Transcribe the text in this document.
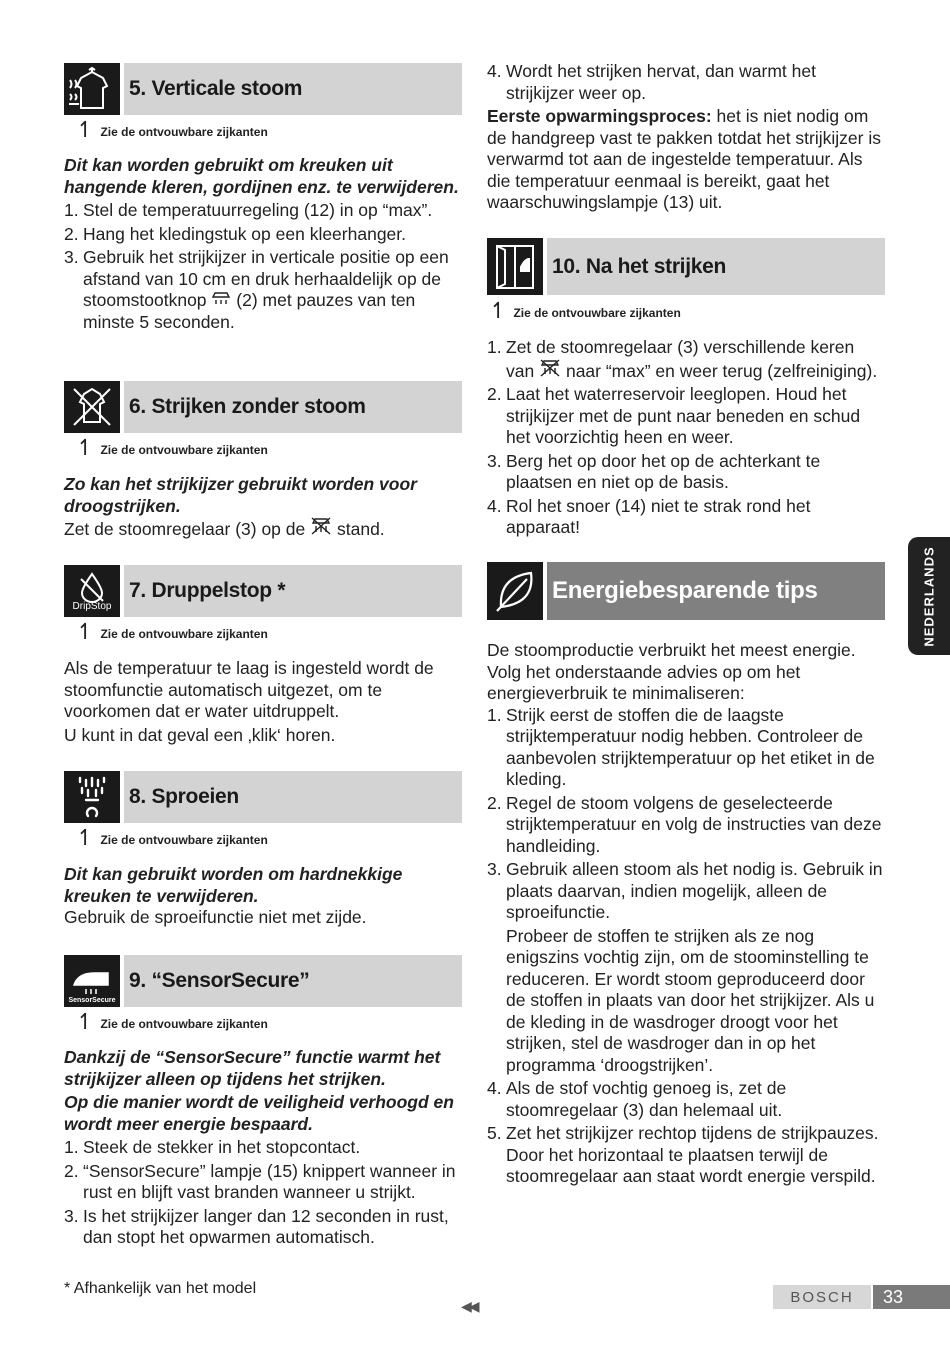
5. Verticale stoom
↿ Zie de ontvouwbare zijkanten

Dit kan worden gebruikt om kreuken uit hangende kleren, gordijnen enz. te verwijderen.

1. Stel de temperatuurregeling (12) in op “max”.
2. Hang het kledingstuk op een kleerhanger.
3. Gebruik het strijkijzer in verticale positie op een afstand van 10 cm en druk herhaaldelijk op de stoomstootknop (2) met pauzes van ten minste 5 seconden.
6. Strijken zonder stoom
↿ Zie de ontvouwbare zijkanten

Zo kan het strijkijzer gebruikt worden voor droogstrijken.

Zet de stoomregelaar (3) op de stand.

DripStop
7. Druppelstop *
↿ Zie de ontvouwbare zijkanten

Als de temperatuur te laag is ingesteld wordt de stoomfunctie automatisch uitgezet, om te voorkomen dat er water uitdruppelt.

U kunt in dat geval een ‚klik‘ horen.

8. Sproeien
↿ Zie de ontvouwbare zijkanten

Dit kan gebruikt worden om hardnekkige kreuken te verwijderen.

Gebruik de sproeifunctie niet met zijde.

SensorSecure
9. “SensorSecure”
↿ Zie de ontvouwbare zijkanten

Dankzij de “SensorSecure” functie warmt het strijkijzer alleen op tijdens het strijken.

Op die manier wordt de veiligheid verhoogd en wordt meer energie bespaard.

1. Steek de stekker in het stopcontact.
2. “SensorSecure” lampje (15) knippert wanneer in rust en blijft vast branden wanneer u strijkt.
3. Is het strijkijzer langer dan 12 seconden in rust, dan stopt het opwarmen automatisch.
4. Wordt het strijken hervat, dan warmt het strijkijzer weer op.

Eerste opwarmingsproces: het is niet nodig om de handgreep vast te pakken totdat het strijkijzer is verwarmd tot aan de ingestelde temperatuur. Als die temperatuur eenmaal is bereikt, gaat het waarschuwingslampje (13) uit.

10. Na het strijken
↿ Zie de ontvouwbare zijkanten
1. Zet de stoomregelaar (3) verschillende keren van naar “max” en weer terug (zelfreiniging).
2. Laat het waterreservoir leeglopen. Houd het strijkijzer met de punt naar beneden en schud het voorzichtig heen en weer.
3. Berg het op door het op de achterkant te plaatsen en niet op de basis.
4. Rol het snoer (14) niet te strak rond het apparaat!
Energiebesparende tips

De stoomproductie verbruikt het meest energie. Volg het onderstaande advies op om het energieverbruik te minimaliseren:

1. Strijk eerst de stoffen die de laagste strijktemperatuur nodig hebben. Controleer de aanbevolen strijktemperatuur op het etiket in de kleding.
2. Regel de stoom volgens de geselecteerde strijktemperatuur en volg de instructies van deze handleiding.
3. Gebruik alleen stoom als het nodig is. Gebruik in plaats daarvan, indien mogelijk, alleen de sproeifunctie.

Probeer de stoffen te strijken als ze nog enigszins vochtig zijn, om de stoominstelling te reduceren. Er wordt stoom geproduceerd door de stoffen in plaats van door het strijkijzer. Als u de kleding in de wasdroger droogt voor het strijken, stel de wasdroger dan in op het programma ‘droogstrijken’.

4. Als de stof vochtig genoeg is, zet de stoomregelaar (3) dan helemaal uit.
5. Zet het strijkijzer rechtop tijdens de strijkpauzes. Door het horizontaal te plaatsen terwijl de stoomregelaar aan staat wordt energie verspild.
NEDERLANDS
* Afhankelijk van het model
◀◀
BOSCH	33
